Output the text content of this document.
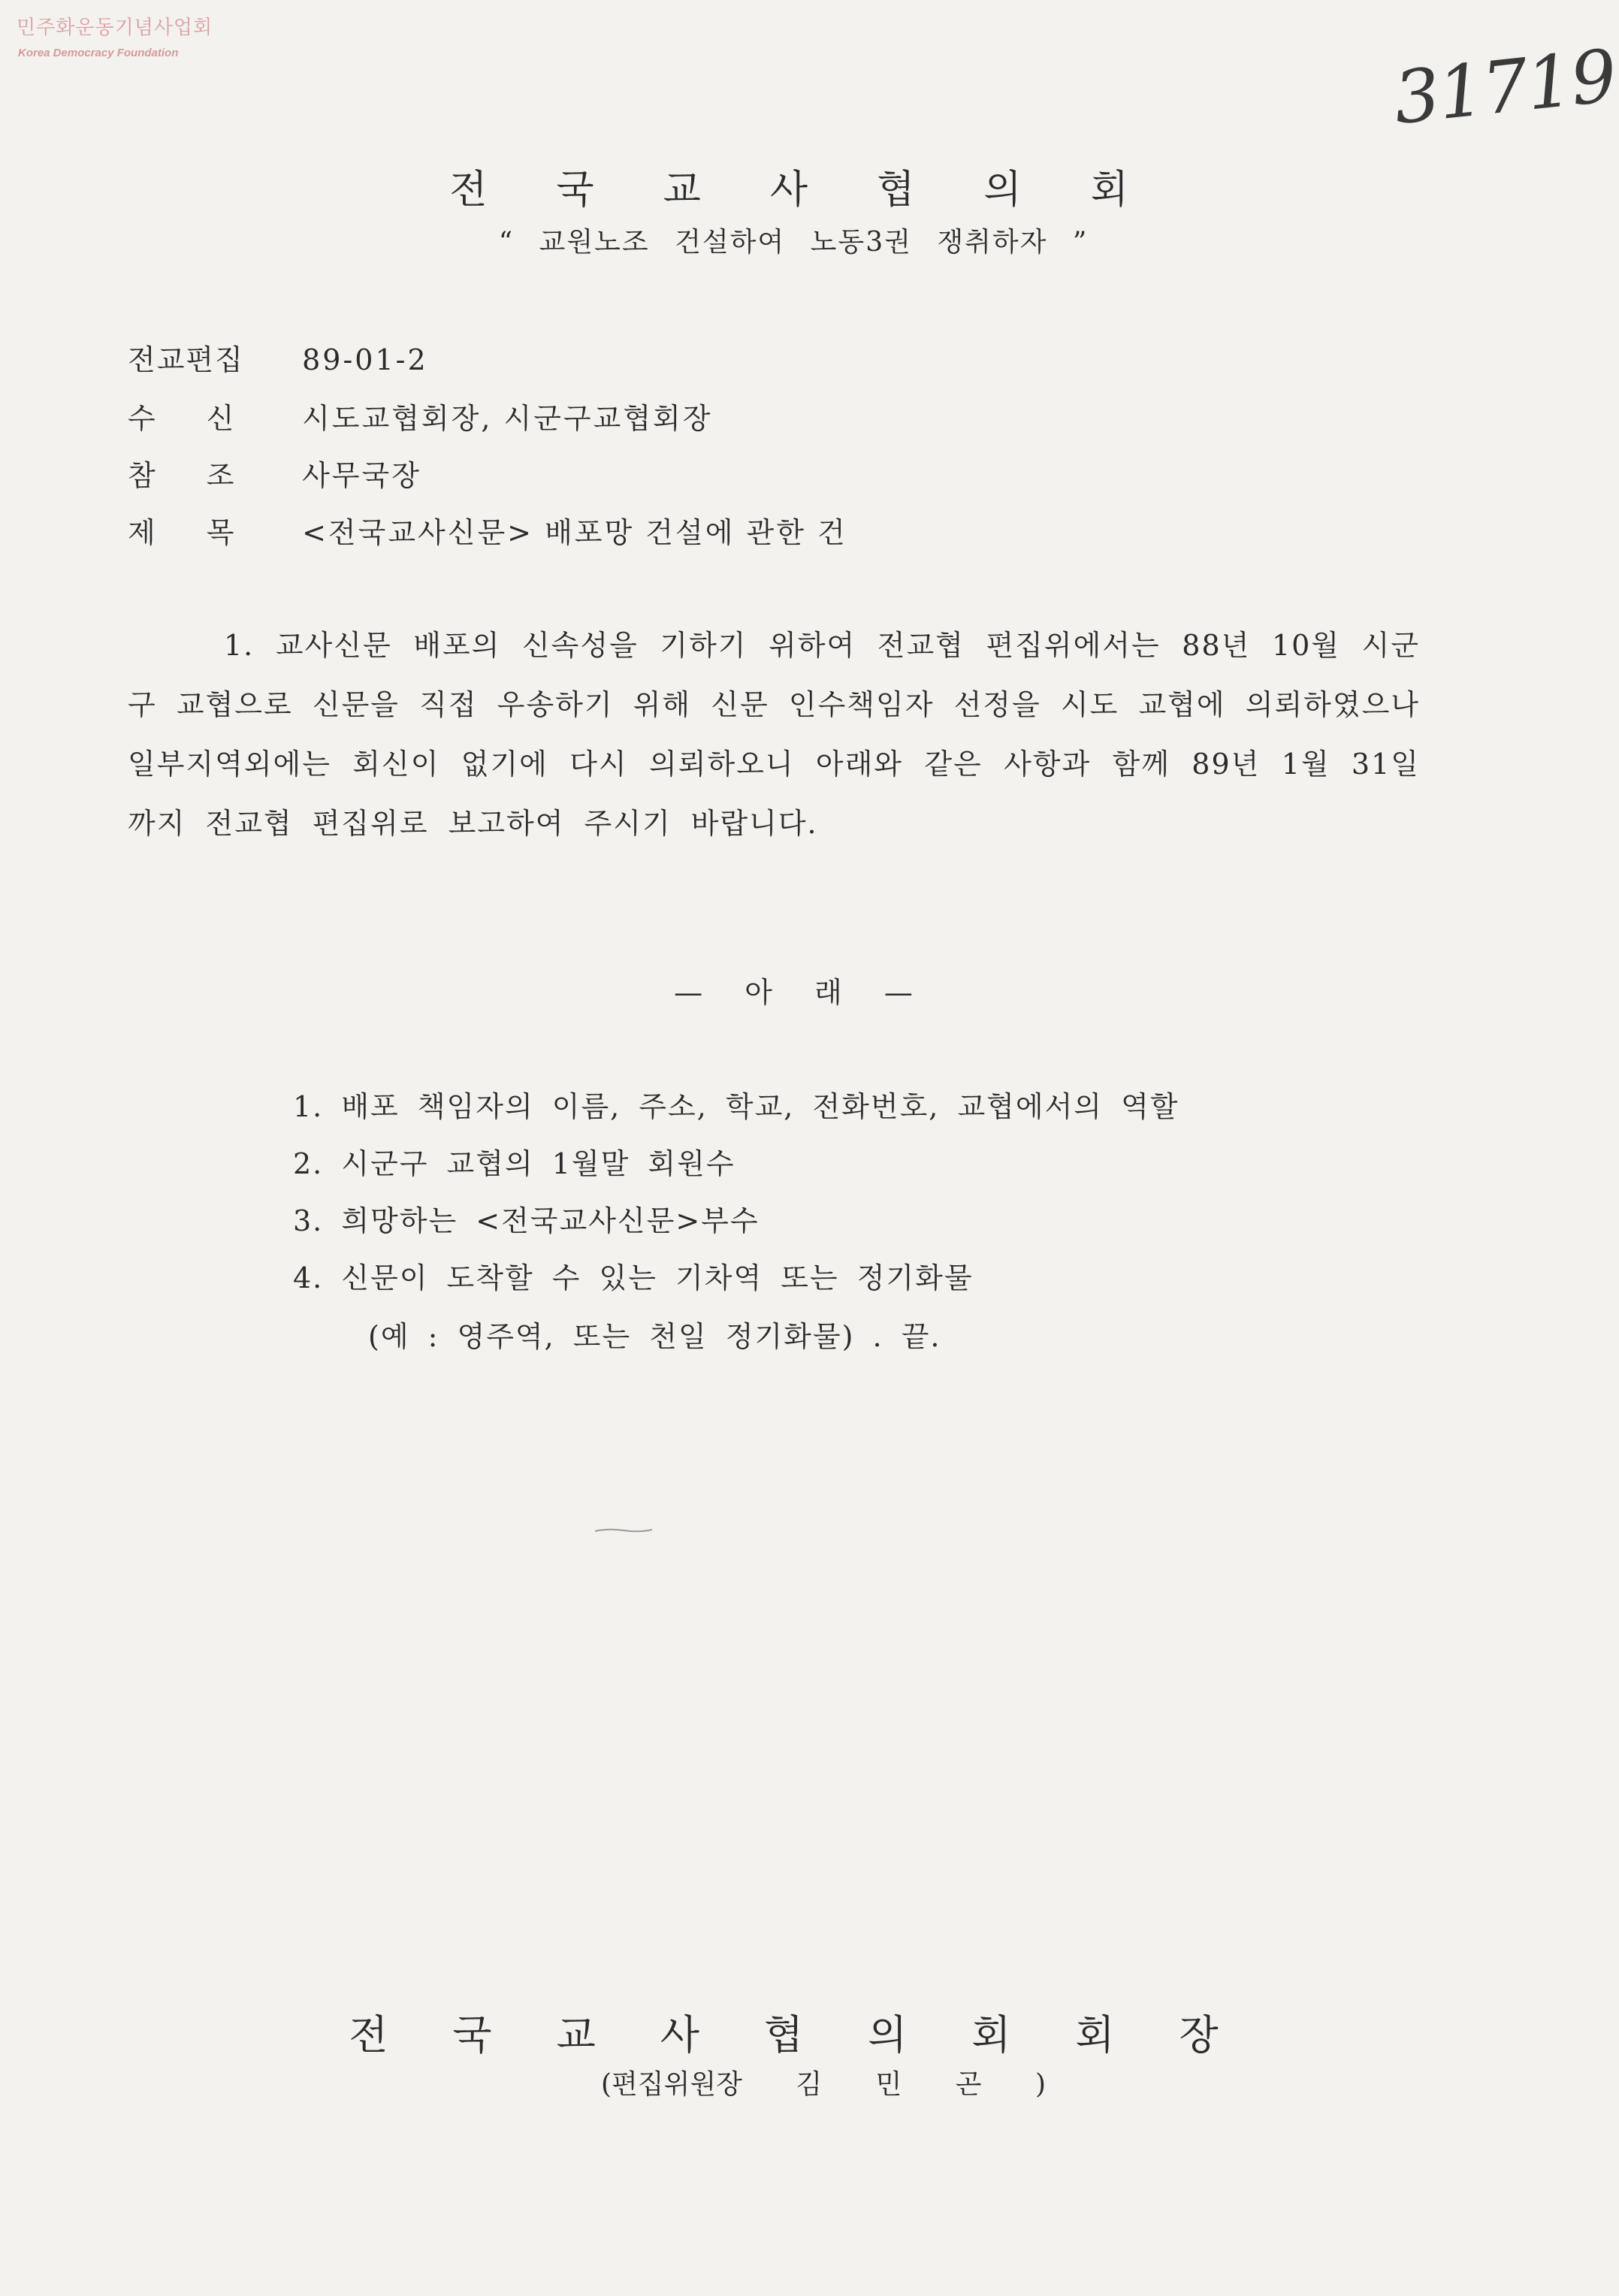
민주화운동기념사업회
Korea Democracy Foundation	31719
전국교사협의회
“ 교원노조 건설하여 노동3권 쟁취하자 ”
전교편집 89-01-2
수 신 시도교협회장, 시군구교협회장
참 조 사무국장
제 목 <전국교사신문> 배포망 건설에 관한 건
1. 교사신문 배포의 신속성을 기하기 위하여 전교협 편집위에서는 88년 10월 시군구 교협으로 신문을 직접 우송하기 위해 신문 인수책임자 선정을 시도 교협에 의뢰하였으나 일부지역외에는 회신이 없기에 다시 의뢰하오니 아래와 같은 사항과 함께 89년 1월 31일 까지 전교협 편집위로 보고하여 주시기 바랍니다.
— 아 래 —
1. 배포 책임자의 이름, 주소, 학교, 전화번호, 교협에서의 역할
2. 시군구 교협의 1월말 회원수
3. 희망하는 <전국교사신문>부수
4. 신문이 도착할 수 있는 기차역 또는 정기화물
(예 : 영주역, 또는 천일 정기화물) . 끝.
전국교사협의회회장
(편집위원장 김 민 곤 )
